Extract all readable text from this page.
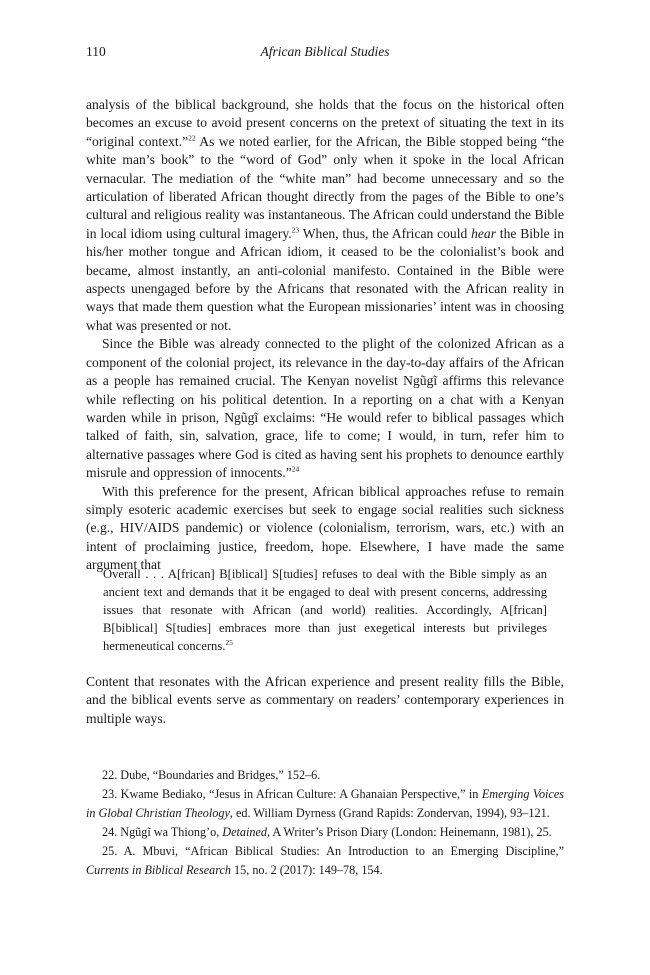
110	African Biblical Studies

analysis of the biblical background, she holds that the focus on the historical often becomes an excuse to avoid present concerns on the pretext of situating the text in its “original context.”$^{22}$ As we noted earlier, for the African, the Bible stopped being “the white man’s book” to the “word of God” only when it spoke in the local African vernacular. The mediation of the “white man” had become unnecessary and so the articulation of liberated African thought directly from the pages of the Bible to one’s cultural and religious reality was instantaneous. The African could understand the Bible in local idiom using cultural imagery.$^{23}$ When, thus, the African could hear the Bible in his/her mother tongue and African idiom, it ceased to be the colonialist’s book and became, almost instantly, an anti-colonial manifesto. Contained in the Bible were aspects unengaged before by the Africans that resonated with the African reality in ways that made them question what the European missionaries’ intent was in choosing what was presented or not.

Since the Bible was already connected to the plight of the colonized African as a component of the colonial project, its relevance in the day-to-day affairs of the African as a people has remained crucial. The Kenyan novelist Ngũgĩ affirms this relevance while reflecting on his political detention. In a reporting on a chat with a Kenyan warden while in prison, Ngũgĩ exclaims: “He would refer to biblical passages which talked of faith, sin, salvation, grace, life to come; I would, in turn, refer him to alternative passages where God is cited as having sent his prophets to denounce earthly misrule and oppression of innocents.”$^{24}$

With this preference for the present, African biblical approaches refuse to remain simply esoteric academic exercises but seek to engage social realities such sickness (e.g., HIV/AIDS pandemic) or violence (colonialism, terrorism, wars, etc.) with an intent of proclaiming justice, freedom, hope. Elsewhere, I have made the same argument that

Overall . . . A[frican] B[iblical] S[tudies] refuses to deal with the Bible simply as an ancient text and demands that it be engaged to deal with present concerns, addressing issues that resonate with African (and world) realities. Accordingly, A[frican] B[biblical] S[tudies] embraces more than just exegetical interests but privileges hermeneutical concerns.$^{25}$

Content that resonates with the African experience and present reality fills the Bible, and the biblical events serve as commentary on readers’ contemporary experiences in multiple ways.

22. Dube, “Boundaries and Bridges,” 152–6.

23. Kwame Bediako, “Jesus in African Culture: A Ghanaian Perspective,” in Emerging Voices in Global Christian Theology, ed. William Dyrness (Grand Rapids: Zondervan, 1994), 93–121.

24. Ngũgĩ wa Thiong’o, Detained, A Writer’s Prison Diary (London: Heinemann, 1981), 25.

25. A. Mbuvi, “African Biblical Studies: An Introduction to an Emerging Discipline,” Currents in Biblical Research 15, no. 2 (2017): 149–78, 154.
